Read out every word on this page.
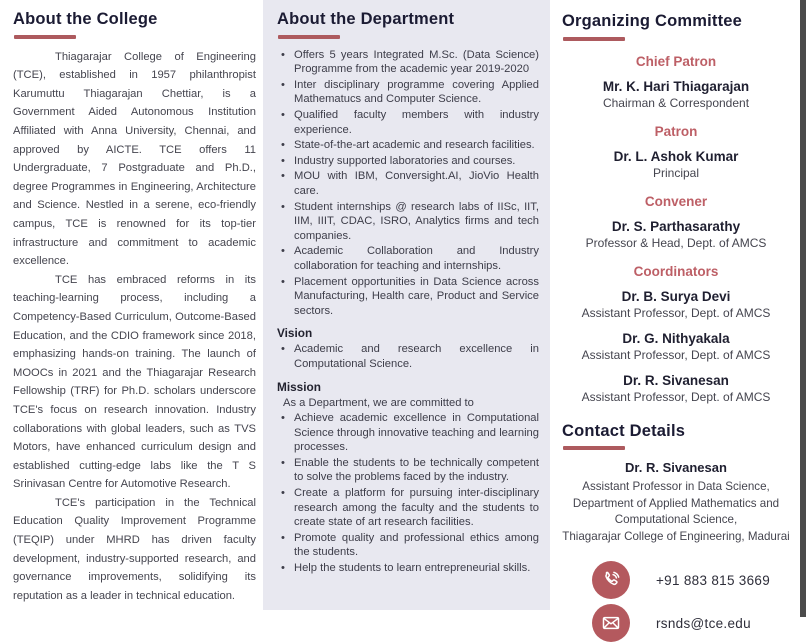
About the College

Thiagarajar College of Engineering (TCE), established in 1957 philanthropist Karumuttu Thiagarajan Chettiar, is a Government Aided Autonomous Institution Affiliated with Anna University, Chennai, and approved by AICTE. TCE offers 11 Undergraduate, 7 Postgraduate and Ph.D., degree Programmes in Engineering, Architecture and Science. Nestled in a serene, eco-friendly campus, TCE is renowned for its top-tier infrastructure and commitment to academic excellence.

TCE has embraced reforms in its teaching-learning process, including a Competency-Based Curriculum, Outcome-Based Education, and the CDIO framework since 2018, emphasizing hands-on training. The launch of MOOCs in 2021 and the Thiagarajar Research Fellowship (TRF) for Ph.D. scholars underscore TCE's focus on research innovation. Industry collaborations with global leaders, such as TVS Motors, have enhanced curriculum design and established cutting-edge labs like the T S Srinivasan Centre for Automotive Research.

TCE's participation in the Technical Education Quality Improvement Programme (TEQIP) under MHRD has driven faculty development, industry-supported research, and governance improvements, solidifying its reputation as a leader in technical education.

About the Department
• Offers 5 years Integrated M.Sc. (Data Science) Programme from the academic year 2019-2020
• Inter disciplinary programme covering Applied Mathematucs and Computer Science.
• Qualified faculty members with industry experience.
• State-of-the-art academic and research facilities.
• Industry supported laboratories and courses.
• MOU with IBM, Conversight.AI, JioVio Health care.
• Student internships @ research labs of IISc, IIT, IIM, IIIT, CDAC, ISRO, Analytics firms and tech companies.
• Academic Collaboration and Industry collaboration for teaching and internships.
• Placement opportunities in Data Science across Manufacturing, Health care, Product and Service sectors.
Vision
• Academic and research excellence in Computational Science.
Mission
As a Department, we are committed to
• Achieve academic excellence in Computational Science through innovative teaching and learning processes.
• Enable the students to be technically competent to solve the problems faced by the industry.
• Create a platform for pursuing inter-disciplinary research among the faculty and the students to create state of art research facilities.
• Promote quality and professional ethics among the students.
• Help the students to learn entrepreneurial skills.
Organizing Committee
Chief Patron
Mr. K. Hari Thiagarajan
Chairman & Correspondent
Patron
Dr. L. Ashok Kumar
Principal
Convener
Dr. S. Parthasarathy
Professor & Head, Dept. of AMCS
Coordinators
Dr. B. Surya Devi
Assistant Professor, Dept. of AMCS
Dr. G. Nithyakala
Assistant Professor, Dept. of AMCS
Dr. R. Sivanesan
Assistant Professor, Dept. of AMCS
Contact Details
Dr. R. Sivanesan
Assistant Professor in Data Science,
Department of Applied Mathematics and
Computational Science,
Thiagarajar College of Engineering, Madurai
+91 883 815 3669
rsnds@tce.edu
